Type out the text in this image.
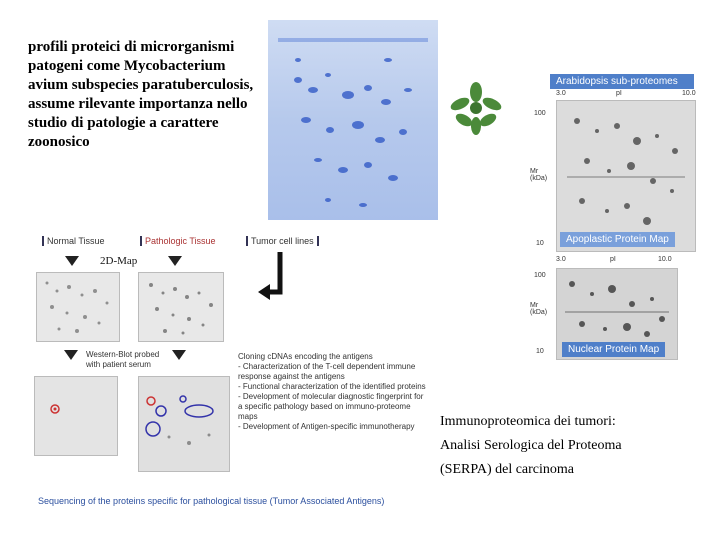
profili proteici di microrganismi patogeni come Mycobacterium avium subspecies paratuberculosis, assume rilevante importanza nello studio di patologie a carattere zoonosico
Arabidopsis sub-proteomes
3.0	pI	10.0
100
Mr (kDa)
10	Apoplastic Protein Map
3.0	pI	10.0
100
Mr (kDa)
10	Nuclear Protein Map
Normal Tissue	Pathologic Tissue	Tumor cell lines
2D-Map
Western-Blot probed with patient serum
Cloning cDNAs encoding the antigens
- Characterization of the T-cell dependent immune response against the antigens
- Functional characterization of the identified proteins
- Development of molecular diagnostic fingerprint for a specific pathology based on immuno-proteome maps
- Development of Antigen-specific immunotherapy
Sequencing of the proteins specific for pathological tissue (Tumor Associated Antigens)
Immunoproteomica dei tumori: Analisi Serologica del Proteoma (SERPA) del carcinoma
